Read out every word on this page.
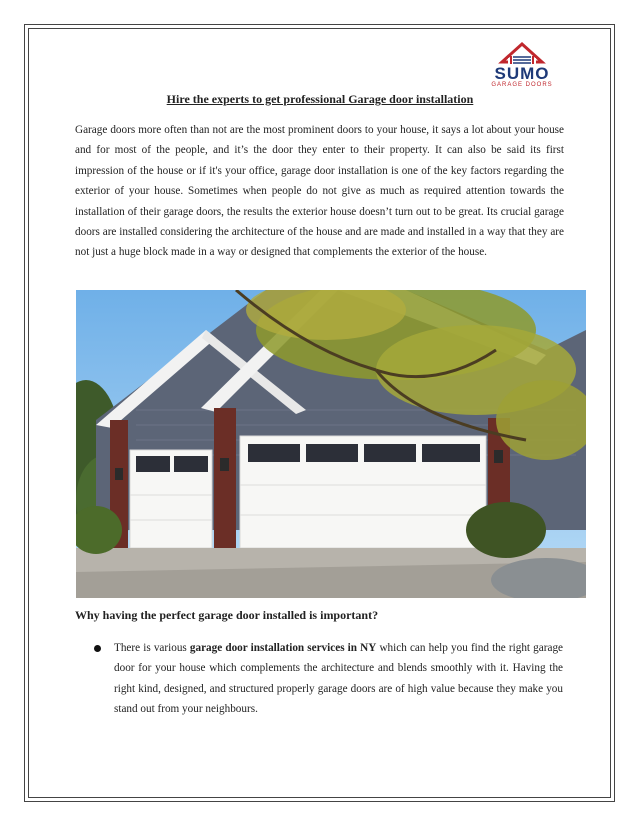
SUMO
GARAGE DOORS
Hire the experts to get professional Garage door installation
Garage doors more often than not are the most prominent doors to your house, it says a lot about your house and for most of the people, and it’s the door they enter to their property. It can also be said its first impression of the house or if it's your office, garage door installation is one of the key factors regarding the exterior of your house. Sometimes when people do not give as much as required attention towards the installation of their garage doors, the results the exterior house doesn’t turn out to be great. Its crucial garage doors are installed considering the architecture of the house and are made and installed in a way that they are not just a huge block made in a way or designed that complements the exterior of the house.
Why having the perfect garage door installed is important?
There is various garage door installation services in NY which can help you find the right garage door for your house which complements the architecture and blends smoothly with it. Having the right kind, designed, and structured properly garage doors are of high value because they make you stand out from your neighbours.
